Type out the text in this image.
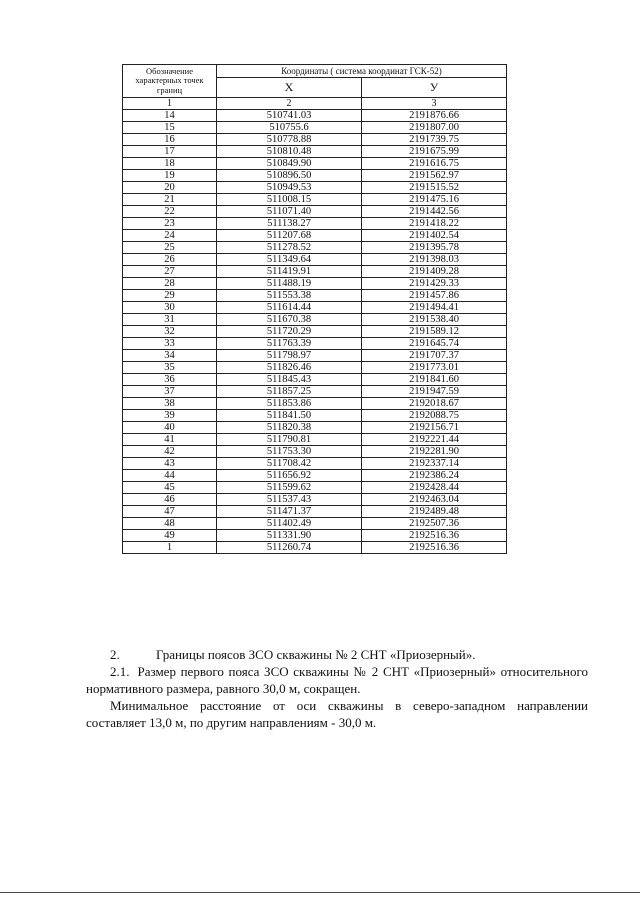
Обозначение характерных точек границ	Координаты ( система координат ГСК-52)	
	X	У
1	2	3
14	510741.03	2191876.66
15	510755.6	2191807.00
16	510778.88	2191739.75
17	510810.48	2191675.99
18	510849.90	2191616.75
19	510896.50	2191562.97
20	510949.53	2191515.52
21	511008.15	2191475.16
22	511071.40	2191442.56
23	511138.27	2191418.22
24	511207.68	2191402.54
25	511278.52	2191395.78
26	511349.64	2191398.03
27	511419.91	2191409.28
28	511488.19	2191429.33
29	511553.38	2191457.86
30	511614.44	2191494.41
31	511670.38	2191538.40
32	511720.29	2191589.12
33	511763.39	2191645.74
34	511798.97	2191707.37
35	511826.46	2191773.01
36	511845.43	2191841.60
37	511857.25	2191947.59
38	511853.86	2192018.67
39	511841.50	2192088.75
40	511820.38	2192156.71
41	511790.81	2192221.44
42	511753.30	2192281.90
43	511708.42	2192337.14
44	511656.92	2192386.24
45	511599.62	2192428.44
46	511537.43	2192463.04
47	511471.37	2192489.48
48	511402.49	2192507.36
49	511331.90	2192516.36
1	511260.74	2192516.36

2.	Границы поясов ЗСО скважины № 2 СНТ «Приозерный».

2.1. Размер первого пояса ЗСО скважины № 2 СНТ «Приозерный» относительного нормативного размера, равного 30,0 м, сокращен.

Минимальное расстояние от оси скважины в северо-западном направлении составляет 13,0 м, по другим направлениям - 30,0 м.
